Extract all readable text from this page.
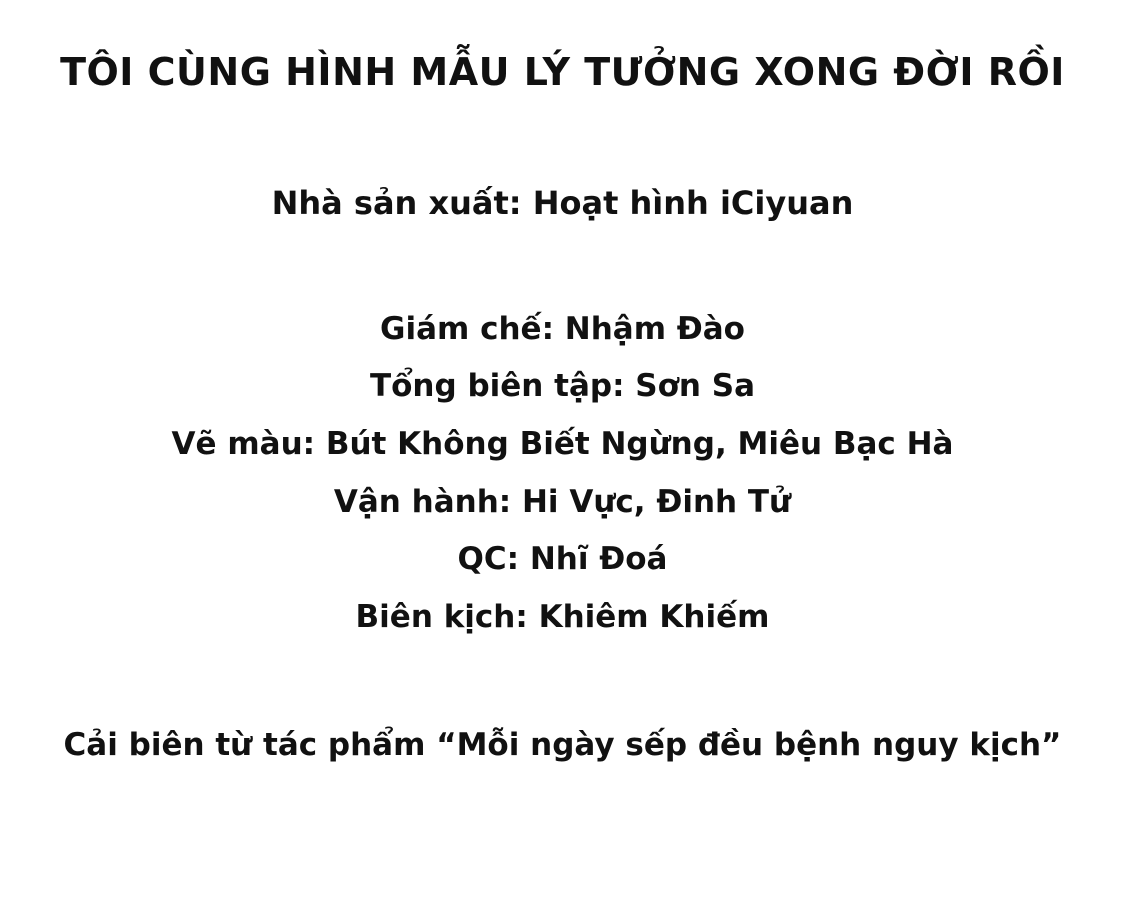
TÔI CÙNG HÌNH MẪU LÝ TƯỞNG XONG ĐỜI RỒI
Nhà sản xuất: Hoạt hình iCiyuan
Giám chế: Nhậm Đào
Tổng biên tập: Sơn Sa
Vẽ màu: Bút Không Biết Ngừng, Miêu Bạc Hà
Vận hành: Hi Vực, Đinh Tử
QC: Nhĩ Đoá
Biên kịch: Khiêm Khiếm
Cải biên từ tác phẩm “Mỗi ngày sếp đều bệnh nguy kịch”
